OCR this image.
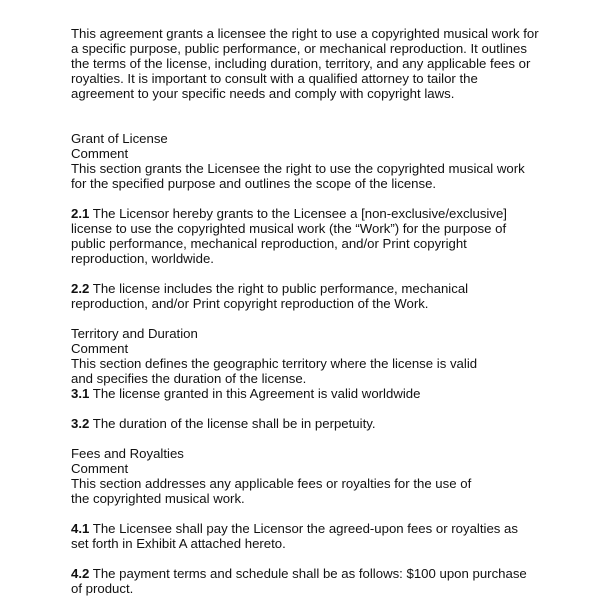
This agreement grants a licensee the right to use a copyrighted musical work for a specific purpose, public performance, or mechanical reproduction. It outlines the terms of the license, including duration, territory, and any applicable fees or royalties. It is important to consult with a qualified attorney to tailor the agreement to your specific needs and comply with copyright laws.

Grant of License
Comment

This section grants the Licensee the right to use the copyrighted musical work for the specified purpose and outlines the scope of the license.

2.1 The Licensor hereby grants to the Licensee a [non-exclusive/exclusive] license to use the copyrighted musical work (the “Work”) for the purpose of public performance, mechanical reproduction, and/or Print copyright reproduction, worldwide.

2.2 The license includes the right to public performance, mechanical reproduction, and/or Print copyright reproduction of the Work.

Territory and Duration
Comment

This section defines the geographic territory where the license is valid and specifies the duration of the license.

3.1 The license granted in this Agreement is valid worldwide

3.2 The duration of the license shall be in perpetuity.

Fees and Royalties
Comment

This section addresses any applicable fees or royalties for the use of the copyrighted musical work.

4.1 The Licensee shall pay the Licensor the agreed-upon fees or royalties as set forth in Exhibit A attached hereto.

4.2 The payment terms and schedule shall be as follows: $100 upon purchase of product.
